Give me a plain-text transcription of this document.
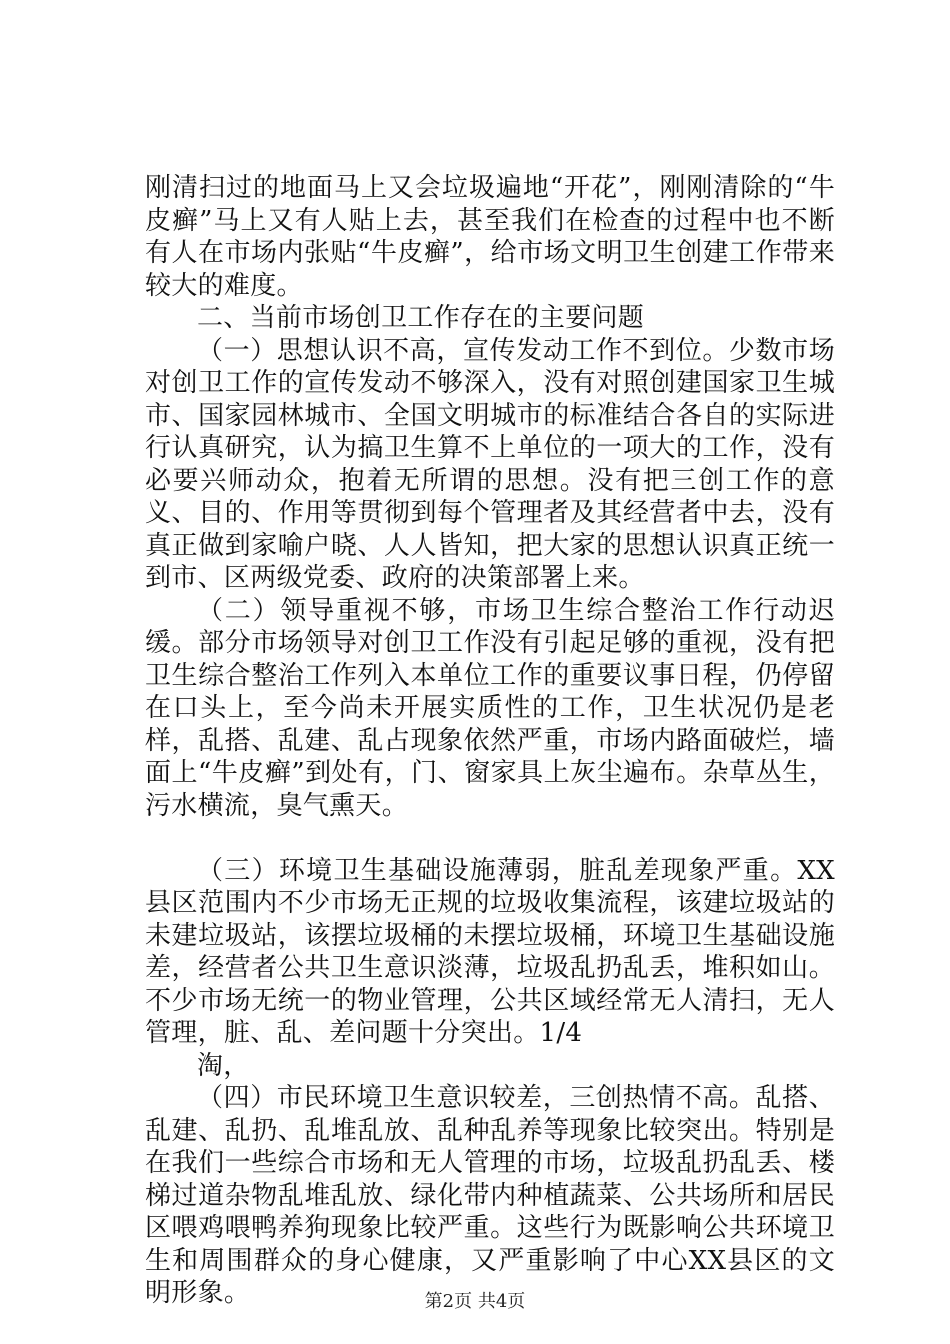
刚清扫过的地面马上又会垃圾遍地“开花”，刚刚清除的“牛皮癣”马上又有人贴上去，甚至我们在检查的过程中也不断有人在市场内张贴“牛皮癣”，给市场文明卫生创建工作带来较大的难度。

二、当前市场创卫工作存在的主要问题

（一）思想认识不高，宣传发动工作不到位。少数市场对创卫工作的宣传发动不够深入，没有对照创建国家卫生城市、国家园林城市、全国文明城市的标准结合各自的实际进行认真研究，认为搞卫生算不上单位的一项大的工作，没有必要兴师动众，抱着无所谓的思想。没有把三创工作的意义、目的、作用等贯彻到每个管理者及其经营者中去，没有真正做到家喻户晓、人人皆知，把大家的思想认识真正统一到市、区两级党委、政府的决策部署上来。

（二）领导重视不够，市场卫生综合整治工作行动迟缓。部分市场领导对创卫工作没有引起足够的重视，没有把卫生综合整治工作列入本单位工作的重要议事日程，仍停留在口头上，至今尚未开展实质性的工作，卫生状况仍是老样，乱搭、乱建、乱占现象依然严重，市场内路面破烂，墙面上“牛皮癣”到处有，门、窗家具上灰尘遍布。杂草丛生，污水横流，臭气熏天。

（三）环境卫生基础设施薄弱，脏乱差现象严重。XX县区范围内不少市场无正规的垃圾收集流程，该建垃圾站的未建垃圾站，该摆垃圾桶的未摆垃圾桶，环境卫生基础设施差，经营者公共卫生意识淡薄，垃圾乱扔乱丢，堆积如山。不少市场无统一的物业管理，公共区域经常无人清扫，无人管理，脏、乱、差问题十分突出。1/4

淘，

（四）市民环境卫生意识较差，三创热情不高。乱搭、乱建、乱扔、乱堆乱放、乱种乱养等现象比较突出。特别是在我们一些综合市场和无人管理的市场，垃圾乱扔乱丢、楼梯过道杂物乱堆乱放、绿化带内种植蔬菜、公共场所和居民区喂鸡喂鸭养狗现象比较严重。这些行为既影响公共环境卫生和周围群众的身心健康，又严重影响了中心XX县区的文明形象。	第2页 共4页
